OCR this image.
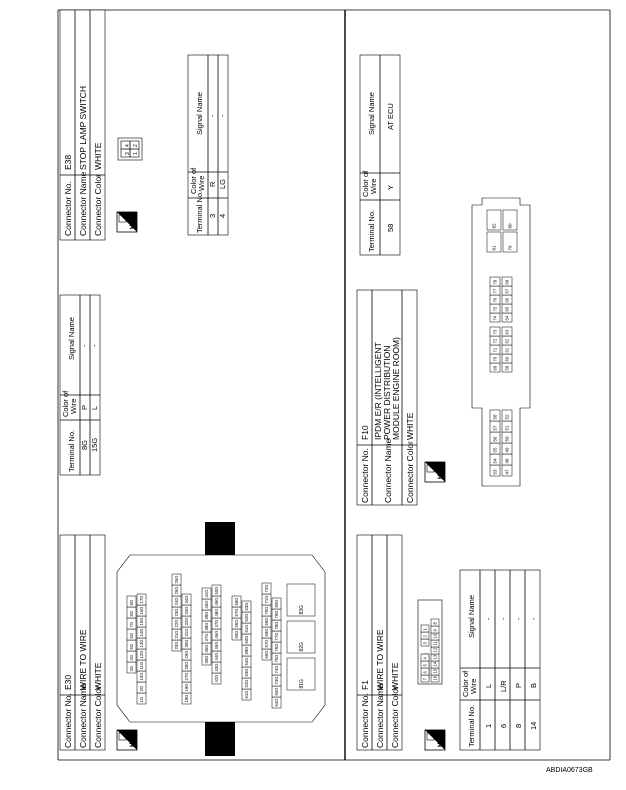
Connector No. Connector Name Connector Color
E30 WIRE TO WIRE WHITE
H.S.
3G
4G
5G
6G
7G
8G
9G
1G
2G
10G
11G
12G
13G
14G
15G
16G
17G
20G
21G
22G
23G
24G
25G
26G
18G
19G
27G
28G
29G
30G
31G
32G
33G
34G
35G
36G
37G
38G
39G
40G
41G
42G
43G
44G
45G
46G
47G
48G
49G
50G
55G
56G
57G
58G
51G
52G
53G
54G
59G
60G
61G
62G
63G
66G
67G
68G
69G
70G
71G
72G
64G
65G
73G
74G
75G
76G
77G
78G
79G
80G
81G
82G
83G
Terminal No.
Color of Wire
Signal Name
8G
P
-
15G
L
-
Connector No. Connector Name Connector Color
E38 STOP LAMP SWITCH WHITE
H.S.
3
4
1
2
Terminal No.
Color of Wire
Signal Name
3
R
-
4
LG
-
Connector No. Connector Name Connector Color
F1 WIRE TO WIRE WHITE
H.S.
7
6
5
4
3
2
1
16
15
14
13
12
11
10
9
8
Terminal No.
Color of Wire
Signal Name
1
L
-
6
L/R
-
8
P
-
14
B
-
Connector No. Connector Name Connector Color
F10 IPDM E/R (INTELLIGENT POWER DISTRIBUTION MODULE ENGINE ROOM) WHITE
H.S.	53
54
55
56
57
58
47
48
49
50
51
52
69
70
71
72
73
74
75
76
77
78
59
60
61
62
63
64
65
66
67
68
81
82
79
80
Terminal No.
Color of Wire
Signal Name
58
Y
AT ECU
ABDIA0673GB
